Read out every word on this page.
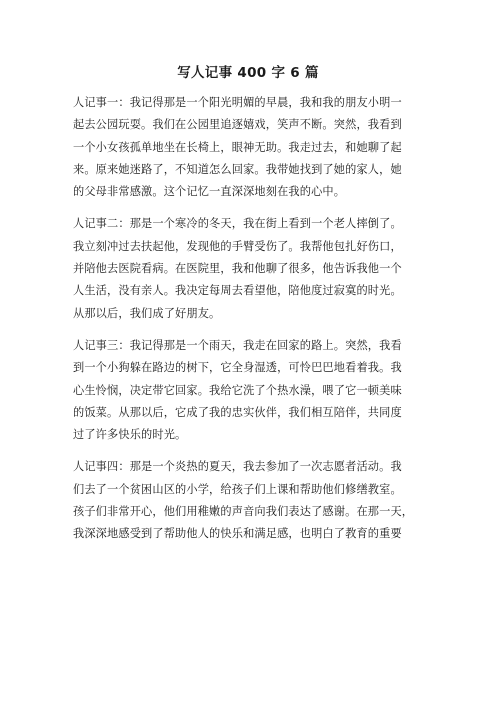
写人记事 400 字 6 篇
人记事一：我记得那是一个阳光明媚的早晨，我和我的朋友小明一
起去公园玩耍。我们在公园里追逐嬉戏，笑声不断。突然，我看到
一个小女孩孤单地坐在长椅上，眼神无助。我走过去，和她聊了起
来。原来她迷路了，不知道怎么回家。我带她找到了她的家人，她
的父母非常感激。这个记忆一直深深地刻在我的心中。
人记事二：那是一个寒冷的冬天，我在街上看到一个老人摔倒了。
我立刻冲过去扶起他，发现他的手臂受伤了。我帮他包扎好伤口，
并陪他去医院看病。在医院里，我和他聊了很多，他告诉我他一个
人生活，没有亲人。我决定每周去看望他，陪他度过寂寞的时光。
从那以后，我们成了好朋友。
人记事三：我记得那是一个雨天，我走在回家的路上。突然，我看
到一个小狗躲在路边的树下，它全身湿透，可怜巴巴地看着我。我
心生怜悯，决定带它回家。我给它洗了个热水澡，喂了它一顿美味
的饭菜。从那以后，它成了我的忠实伙伴，我们相互陪伴，共同度
过了许多快乐的时光。
人记事四：那是一个炎热的夏天，我去参加了一次志愿者活动。我
们去了一个贫困山区的小学，给孩子们上课和帮助他们修缮教室。
孩子们非常开心，他们用稚嫩的声音向我们表达了感谢。在那一天，
我深深地感受到了帮助他人的快乐和满足感，也明白了教育的重要
